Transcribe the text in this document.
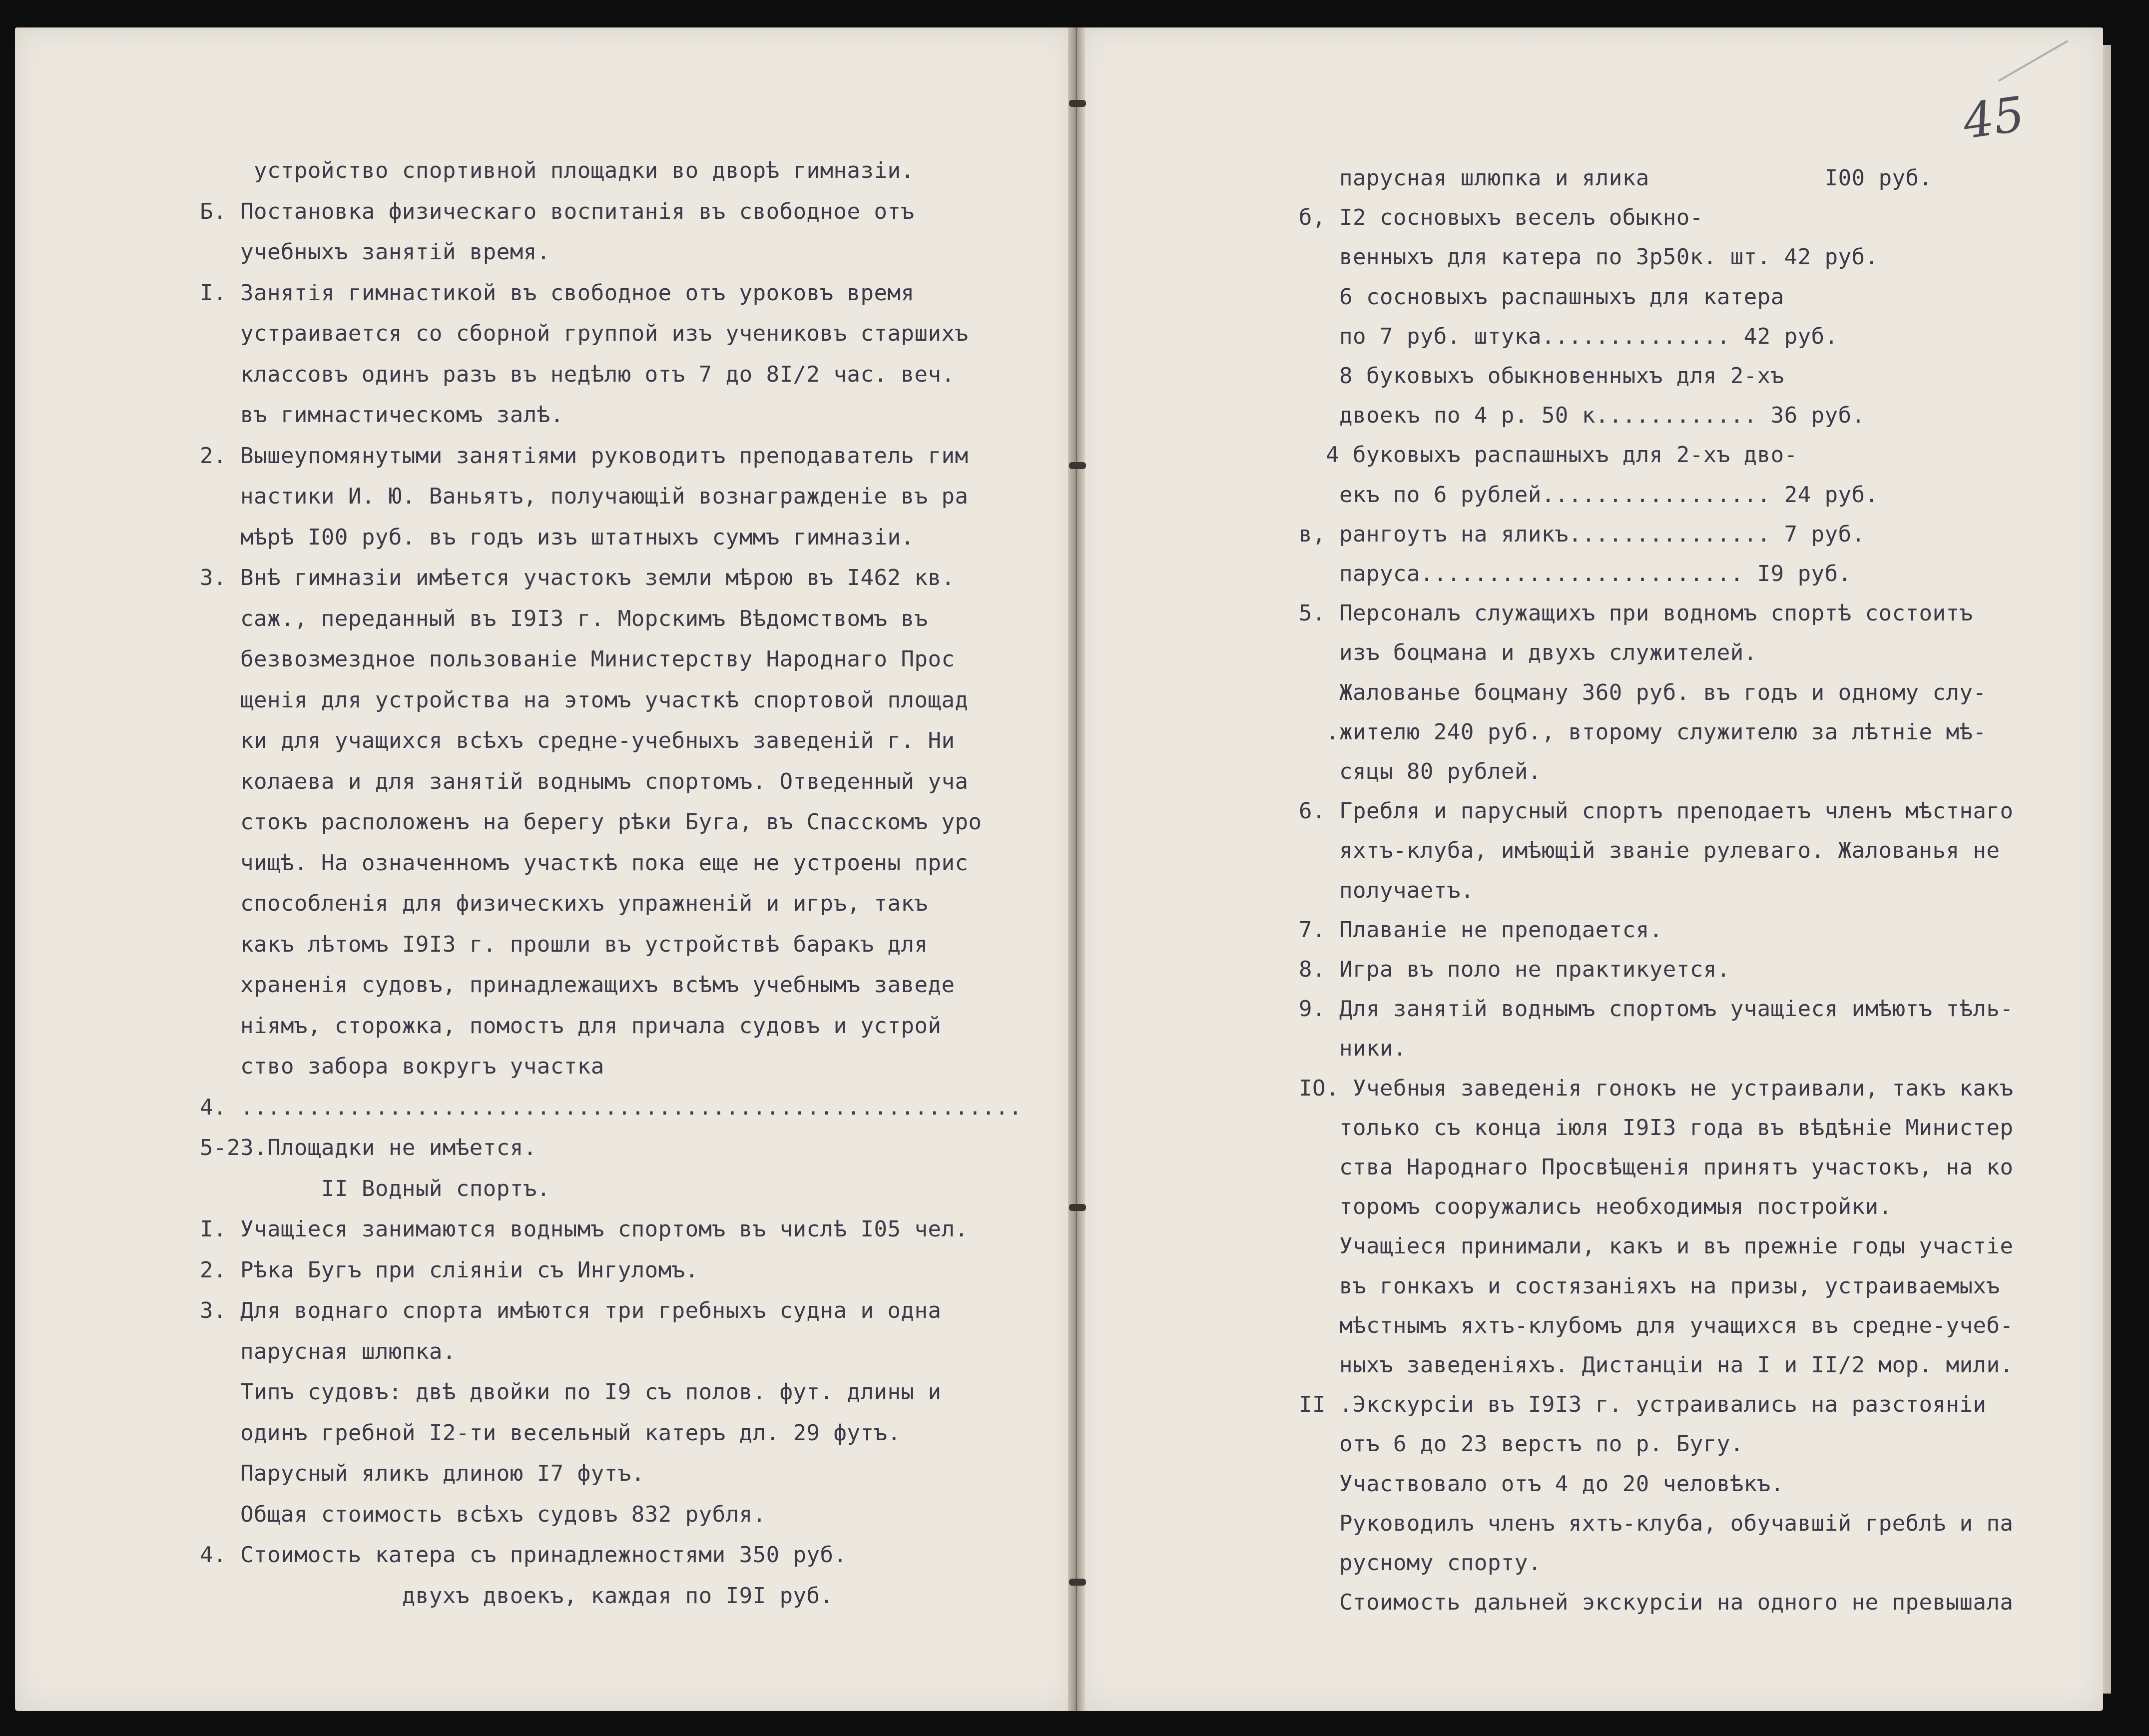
45
устройство спортивной площадки во дворѣ гимназiи.
Б. Постановка физическаго воспитанiя въ свободное отъ
учебныхъ занятiй время.
I. Занятiя гимнастикой въ свободное отъ уроковъ время
устраивается со сборной группой изъ учениковъ старшихъ
классовъ одинъ разъ въ недѣлю отъ 7 до 8I/2 час. веч.
въ гимнастическомъ залѣ.
2. Вышеупомянутыми занятiями руководитъ преподаватель гим
настики И. Ю. Ваньятъ, получающiй вознагражденiе въ ра
мѣрѣ I00 руб. въ годъ изъ штатныхъ суммъ гимназiи.
3. Внѣ гимназiи имѣется участокъ земли мѣрою въ I462 кв.
саж., переданный въ I9I3 г. Морскимъ Вѣдомствомъ въ
безвозмездное пользованiе Министерству Народнаго Прос
щенiя для устройства на этомъ участкѣ спортовой площад
ки для учащихся всѣхъ средне-учебныхъ заведенiй г. Ни
колаева и для занятiй воднымъ спортомъ. Отведенный уча
стокъ расположенъ на берегу рѣки Буга, въ Спасскомъ уро
чищѣ. На означенномъ участкѣ пока еще не устроены прис
способленiя для физическихъ упражненiй и игръ, такъ
какъ лѣтомъ I9I3 г. прошли въ устройствѣ баракъ для
храненiя судовъ, принадлежащихъ всѣмъ учебнымъ заведе
нiямъ, сторожка, помостъ для причала судовъ и устрой
ство забора вокругъ участка
4. ..........................................................
5-23.Площадки не имѣется.
II Водный спортъ.
I. Учащiеся занимаются воднымъ спортомъ въ числѣ I05 чел.
2. Рѣка Бугъ при слiянiи съ Ингуломъ.
3. Для воднаго спорта имѣются три гребныхъ судна и одна
парусная шлюпка.
Типъ судовъ: двѣ двойки по I9 съ полов. фут. длины и
одинъ гребной I2-ти весельный катеръ дл. 29 футъ.
Парусный яликъ длиною I7 футъ.
Общая стоимость всѣхъ судовъ 832 рубля.
4. Стоимость катера съ принадлежностями 350 руб.
двухъ двоекъ, каждая по I9I руб.
парусная шлюпка и ялика             I00 руб.
б, I2 сосновыхъ веселъ обыкно-
венныхъ для катера по 3р50к. шт. 42 руб.
6 сосновыхъ распашныхъ для катера
по 7 руб. штука.............. 42 руб.
8 буковыхъ обыкновенныхъ для 2-хъ
двоекъ по 4 р. 50 к............ 36 руб.
4 буковыхъ распашныхъ для 2-хъ дво-
екъ по 6 рублей................. 24 руб.
в, рангоутъ на яликъ............... 7 руб.
паруса........................ I9 руб.
5. Персоналъ служащихъ при водномъ спортѣ состоитъ
изъ боцмана и двухъ служителей.
Жалованье боцману 360 руб. въ годъ и одному слу-
.жителю 240 руб., второму служителю за лѣтнiе мѣ-
сяцы 80 рублей.
6. Гребля и парусный спортъ преподаетъ членъ мѣстнаго
яхтъ-клуба, имѣющiй званiе рулеваго. Жалованья не
получаетъ.
7. Плаванiе не преподается.
8. Игра въ поло не практикуется.
9. Для занятiй воднымъ спортомъ учащiеся имѣютъ тѣль-
ники.
IO. Учебныя заведенiя гонокъ не устраивали, такъ какъ
только съ конца iюля I9I3 года въ вѣдѣнiе Министер
ства Народнаго Просвѣщенiя принятъ участокъ, на ко
торомъ сооружались необходимыя постройки.
Учащiеся принимали, какъ и въ прежнiе годы участiе
въ гонкахъ и состязанiяхъ на призы, устраиваемыхъ
мѣстнымъ яхтъ-клубомъ для учащихся въ средне-учеб-
ныхъ заведенiяхъ. Дистанцiи на I и II/2 мор. мили.
II .Экскурсiи въ I9I3 г. устраивались на разстоянiи
отъ 6 до 23 верстъ по р. Бугу.
Участвовало отъ 4 до 20 человѣкъ.
Руководилъ членъ яхтъ-клуба, обучавшiй греблѣ и па
русному спорту.
Стоимость дальней экскурсiи на одного не превышала
